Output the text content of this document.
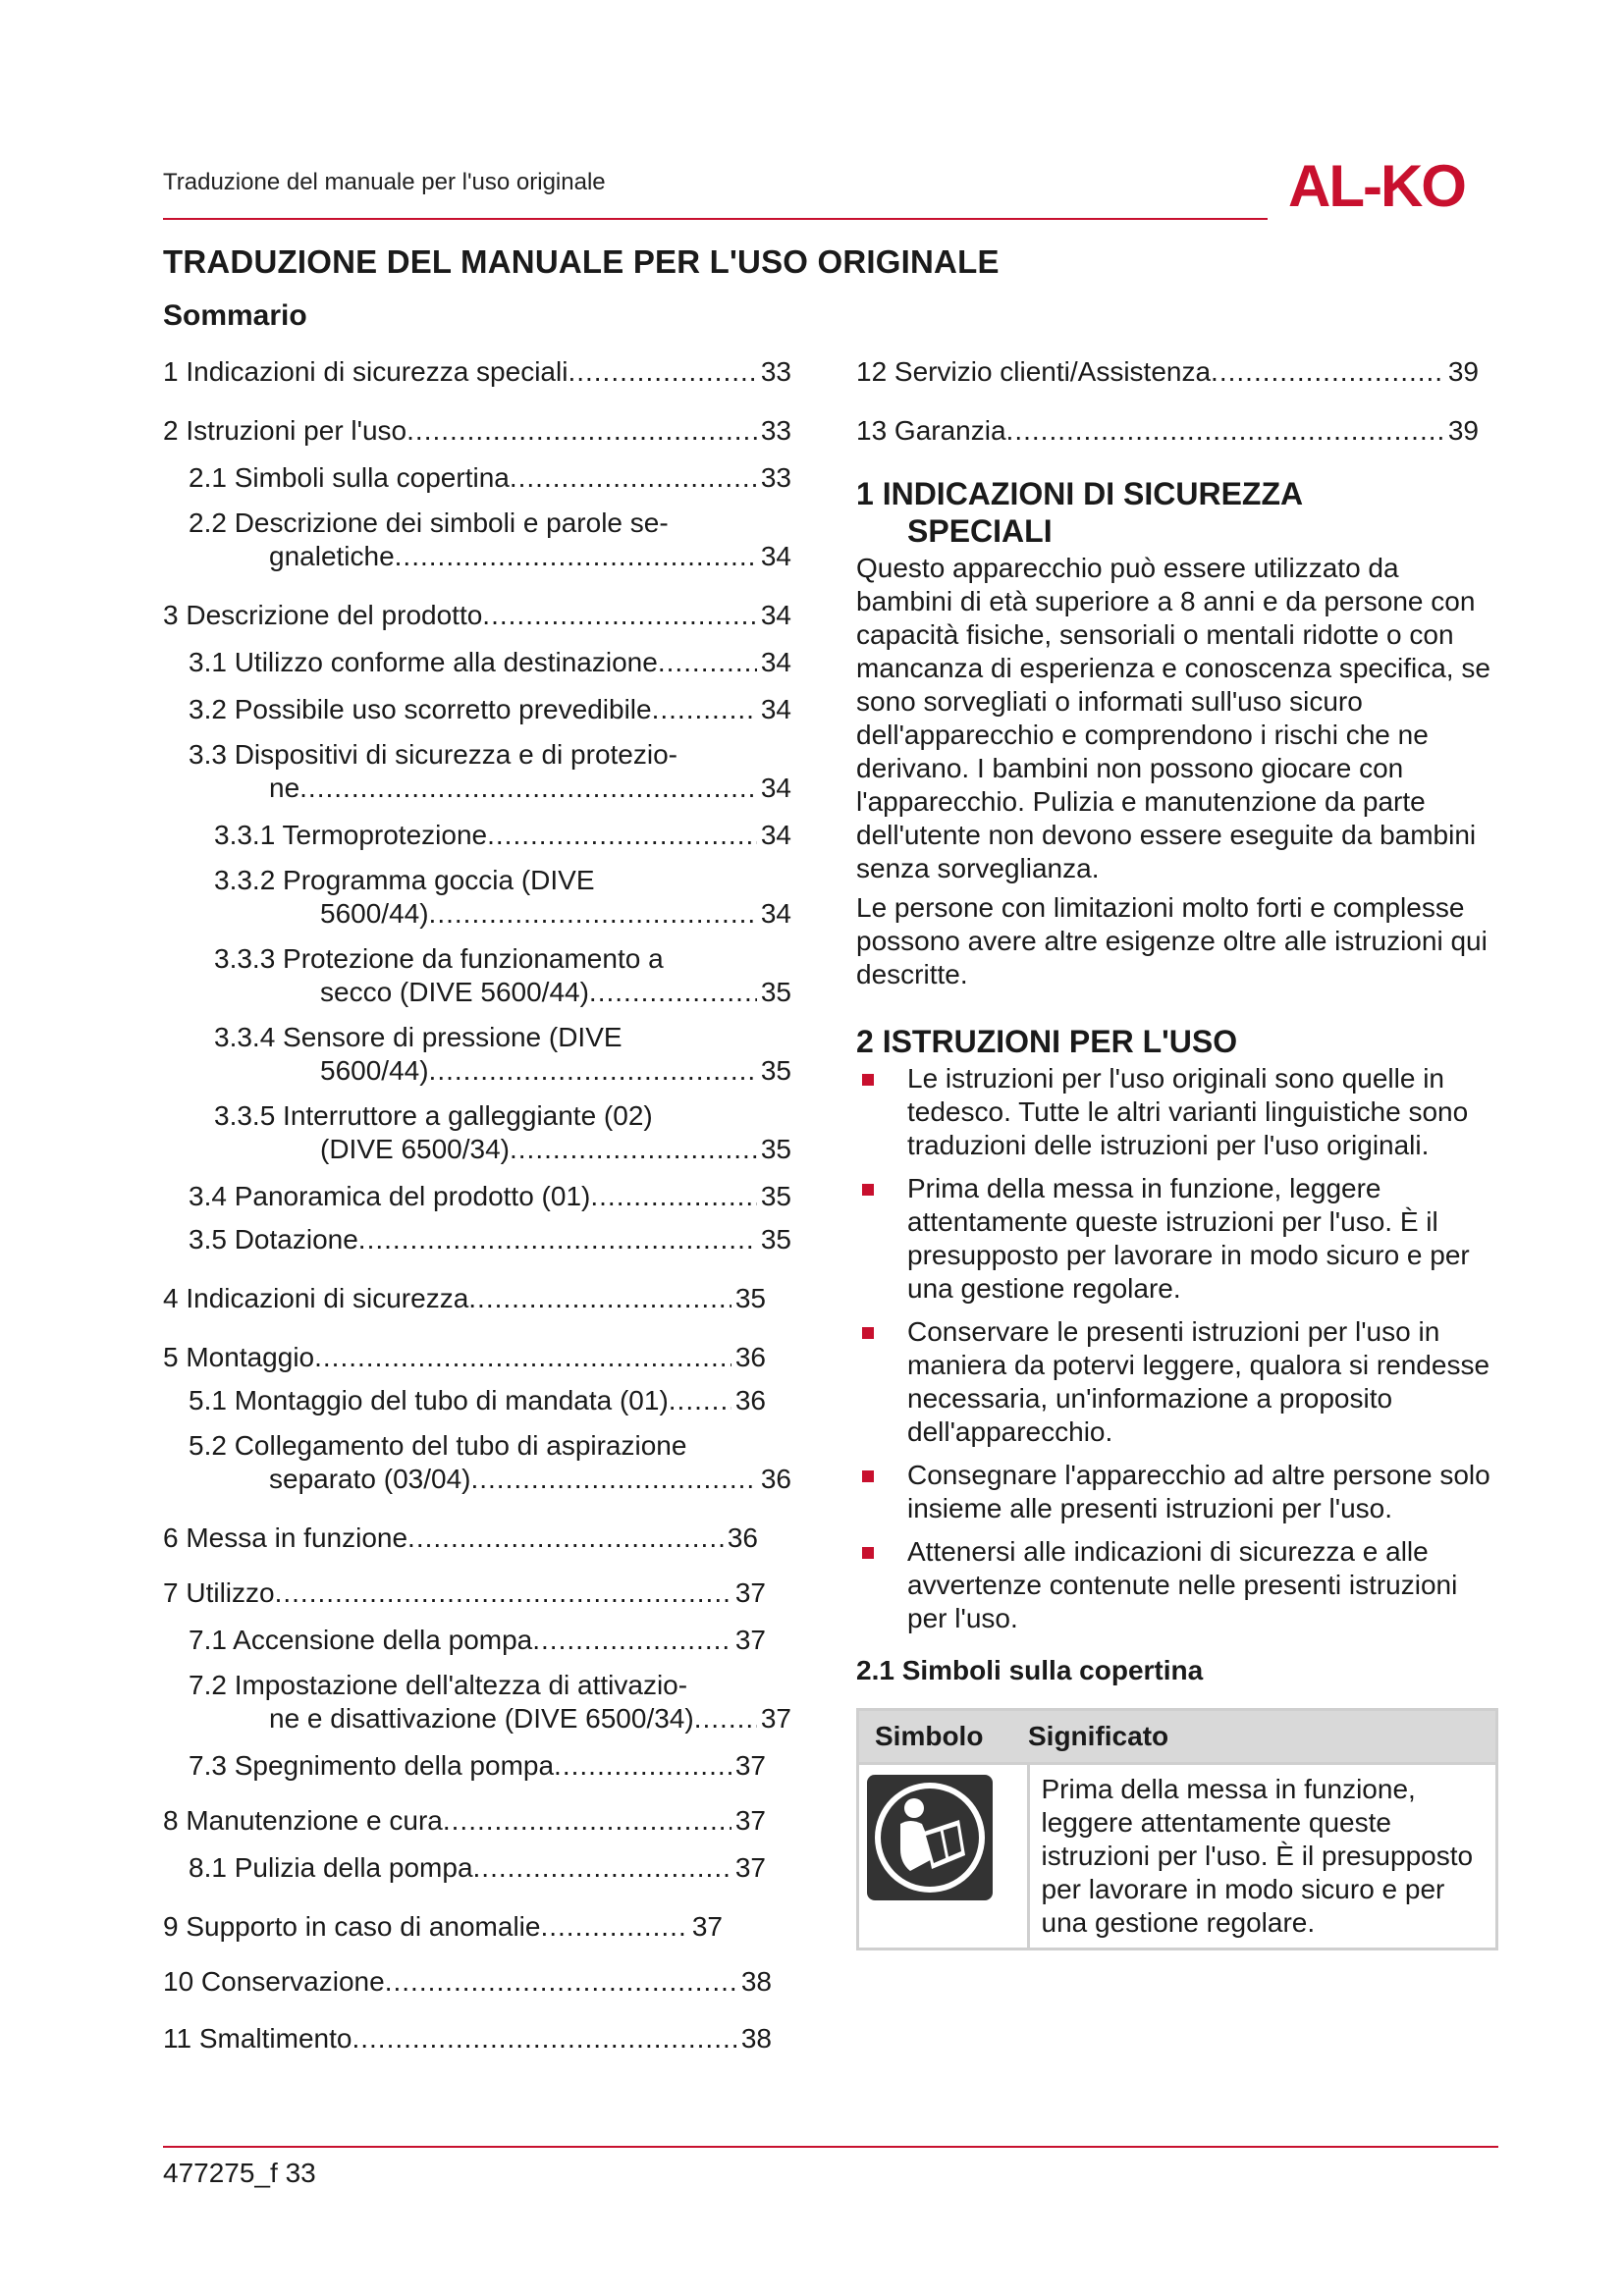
Traduzione del manuale per l'uso originale	AL-KO
TRADUZIONE DEL MANUALE PER L'USO ORIGINALE
Sommario
1 Indicazioni di sicurezza speciali .....	33
2 Istruzioni per l'uso .....	33
2.1 Simboli sulla copertina .....	33
2.2 Descrizione dei simboli e parole se-
gnaletiche .....	34
3 Descrizione del prodotto .....	34
3.1 Utilizzo conforme alla destinazione .....	34
3.2 Possibile uso scorretto prevedibile .....	34
3.3 Dispositivi di sicurezza e di protezio-
ne .....	34
3.3.1 Termoprotezione .....	34
3.3.2 Programma goccia (DIVE
5600/44) .....	34
3.3.3 Protezione da funzionamento a
secco (DIVE 5600/44) .....	35
3.3.4 Sensore di pressione (DIVE
5600/44) .....	35
3.3.5 Interruttore a galleggiante (02)
(DIVE 6500/34) .....	35
3.4 Panoramica del prodotto (01) .....	35
3.5 Dotazione .....	35
4 Indicazioni di sicurezza .....	35
5 Montaggio .....	36
5.1 Montaggio del tubo di mandata (01) ..... 36
5.2 Collegamento del tubo di aspirazione
separato (03/04) .....	36
6 Messa in funzione .....	36
7 Utilizzo .....	37
7.1 Accensione della pompa .....	37
7.2 Impostazione dell'altezza di attivazio-
ne e disattivazione (DIVE 6500/34) ..... 37
7.3 Spegnimento della pompa .....	37
8 Manutenzione e cura .....	37
8.1 Pulizia della pompa .....	37
9 Supporto in caso di anomalie .....	37
10 Conservazione .....	38
11 Smaltimento .....	38
12 Servizio clienti/Assistenza .....	39
13 Garanzia .....	39
1 INDICAZIONI DI SICUREZZA
SPECIALI

Questo apparecchio può essere utilizzato da bambini di età superiore a 8 anni e da persone con capacità fisiche, sensoriali o mentali ridotte o con mancanza di esperienza e conoscenza specifica, se sono sorvegliati o informati sull'uso sicuro dell'apparecchio e comprendono i rischi che ne derivano. I bambini non possono giocare con l'apparecchio. Pulizia e manutenzione da parte dell'utente non devono essere eseguite da bambini senza sorveglianza.

Le persone con limitazioni molto forti e complesse possono avere altre esigenze oltre alle istruzioni qui descritte.

2 ISTRUZIONI PER L'USO
Le istruzioni per l'uso originali sono quelle in tedesco. Tutte le altri varianti linguistiche sono traduzioni delle istruzioni per l'uso originali.
Prima della messa in funzione, leggere attentamente queste istruzioni per l'uso. È il presupposto per lavorare in modo sicuro e per una gestione regolare.
Conservare le presenti istruzioni per l'uso in maniera da potervi leggere, qualora si rendesse necessaria, un'informazione a proposito dell'apparecchio.
Consegnare l'apparecchio ad altre persone solo insieme alle presenti istruzioni per l'uso.
Attenersi alle indicazioni di sicurezza e alle avvertenze contenute nelle presenti istruzioni per l'uso.
2.1 Simboli sulla copertina
Simbolo	Significato
	Prima della messa in funzione, leggere attentamente queste istruzioni per l'uso. È il presupposto per lavorare in modo sicuro e per una gestione regolare.
477275_f 33
